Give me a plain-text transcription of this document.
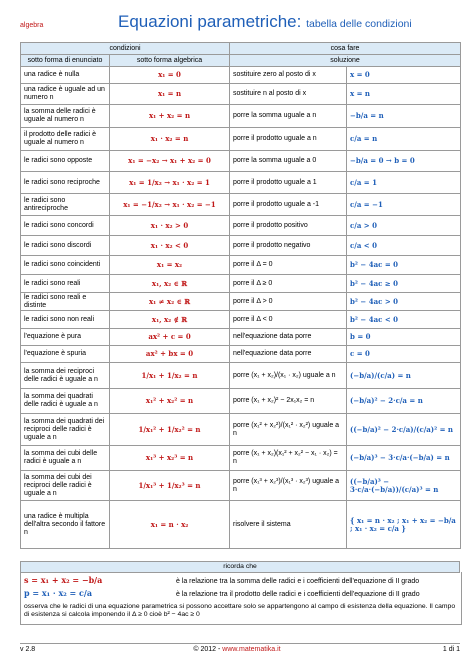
algebra	Equazioni parametriche: tabella delle condizioni
condizioni		cosa fare	
sotto forma di enunciato	sotto forma algebrica	soluzione	
una radice è nulla	x₁ = 0	sostituire zero al posto di x	x = 0
una radice è uguale ad un numero n	x₁ = n	sostituire n al posto di x	x = n
la somma delle radici è uguale al numero n	x₁ + x₂ = n	porre la somma uguale a n	−b/a = n
il prodotto delle radici è uguale al numero n	x₁ · x₂ = n	porre il prodotto uguale a n	c/a = n
le radici sono opposte	x₁ = −x₂ → x₁ + x₂ = 0	porre la somma uguale a 0	−b/a = 0 → b = 0
le radici sono reciproche	x₁ = 1/x₂ → x₁ · x₂ = 1	porre il prodotto uguale a 1	c/a = 1
le radici sono antireciproche	x₁ = −1/x₂ → x₁ · x₂ = −1	porre il prodotto uguale a -1	c/a = −1
le radici sono concordi	x₁ · x₂ > 0	porre il prodotto positivo	c/a > 0
le radici sono discordi	x₁ · x₂ < 0	porre il prodotto negativo	c/a < 0
le radici sono coincidenti	x₁ = x₂	porre il Δ = 0	b² − 4ac = 0
le radici sono reali	x₁, x₂ ∈ ℝ	porre il Δ ≥ 0	b² − 4ac ≥ 0
le radici sono reali e distinte	x₁ ≠ x₂ ∈ ℝ	porre il Δ > 0	b² − 4ac > 0
le radici sono non reali	x₁, x₂ ∉ ℝ	porre il Δ < 0	b² − 4ac < 0
l'equazione è pura	ax² + c = 0	nell'equazione data porre	b = 0
l'equazione è spuria	ax² + bx = 0	nell'equazione data porre	c = 0
la somma dei reciproci delle radici è uguale a n	1/x₁ + 1/x₂ = n	porre (x₁ + x₂)/(x₁ · x₂) uguale a n	(−b/a)/(c/a) = n
la somma dei quadrati delle radici è uguale a n	x₁² + x₂² = n	porre (x₁ + x₂)² − 2x₁x₂ = n	(−b/a)² − 2·c/a = n
la somma dei quadrati dei reciproci delle radici è uguale a n	1/x₁² + 1/x₂² = n	porre (x₁² + x₂²)/(x₁² · x₂²) uguale a n	((−b/a)² − 2·c/a)/(c/a)² = n
la somma dei cubi delle radici è uguale a n	x₁³ + x₂³ = n	porre (x₁ + x₂)(x₁² + x₂² − x₁ · x₂) = n	(−b/a)³ − 3·c/a·(−b/a) = n
la somma dei cubi dei reciproci delle radici è uguale a n	1/x₁³ + 1/x₂³ = n	porre (x₁³ + x₂³)/(x₁³ · x₂³) uguale a n	((−b/a)³ − 3·c/a·(−b/a))/(c/a)³ = n
una radice è multipla dell'altra secondo il fattore n	x₁ = n · x₂	risolvere il sistema	{ x₁ = n · x₂ ; x₁ + x₂ = −b/a ; x₁ · x₂ = c/a }
ricorda che
s = x₁ + x₂ = −b/a	è la relazione tra la somma delle radici e i coefficienti dell'equazione di II grado
p = x₁ · x₂ = c/a	è la relazione tra il prodotto delle radici e i coefficienti dell'equazione di II grado
osserva che le radici di una equazione parametrica si possono accettare solo se appartengono al campo di esistenza della equazione. Il campo di esistenza si calcola imponendo il Δ ≥ 0 cioè b² − 4ac ≥ 0
v 2.8	© 2012 - www.matematika.it	1 di 1
